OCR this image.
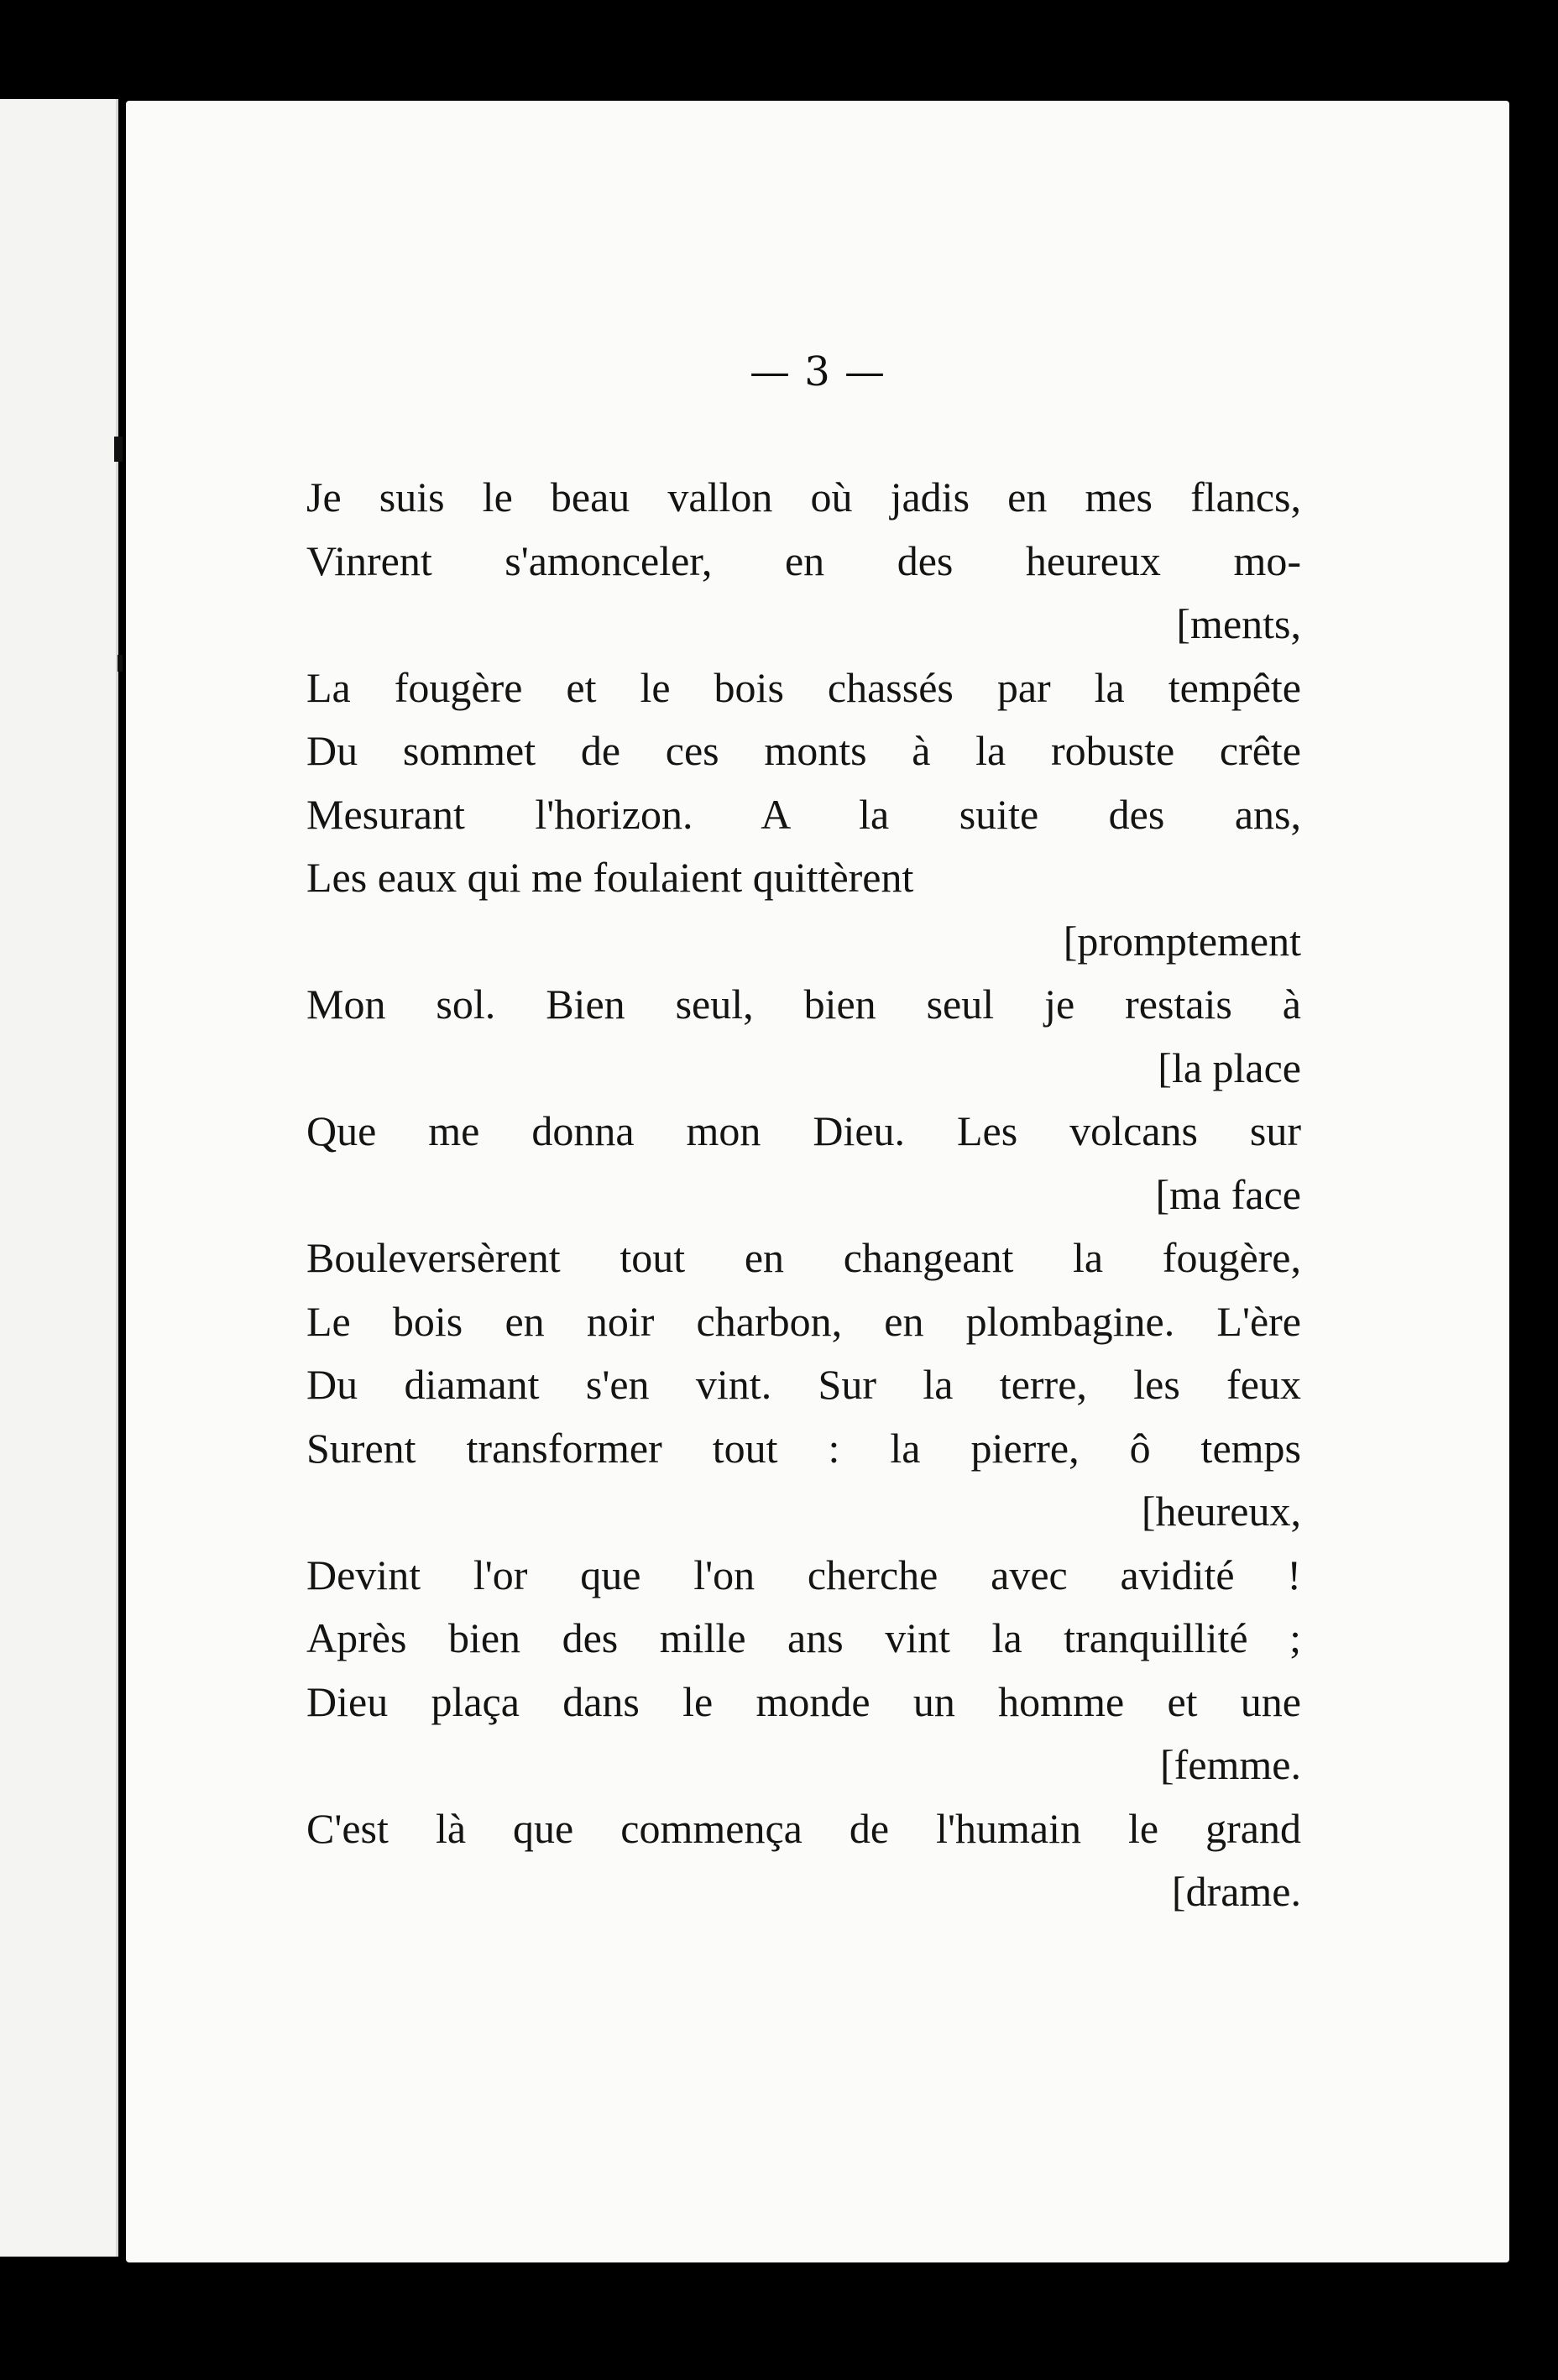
— 3 —
Je suis le beau vallon où jadis en mes flancs,
Vinrent s'amonceler, en des heureux mo-
[ments,
La fougère et le bois chassés par la tempête
Du sommet de ces monts à la robuste crête
Mesurant l'horizon. A la suite des ans,
Les eaux qui me foulaient quittèrent
[promptement
Mon sol. Bien seul, bien seul je restais à
[la place
Que me donna mon Dieu. Les volcans sur
[ma face
Bouleversèrent tout en changeant la fougère,
Le bois en noir charbon, en plombagine. L'ère
Du diamant s'en vint. Sur la terre, les feux
Surent transformer tout : la pierre, ô temps
[heureux,
Devint l'or que l'on cherche avec avidité !
Après bien des mille ans vint la tranquillité ;
Dieu plaça dans le monde un homme et une
[femme.
C'est là que commença de l'humain le grand
[drame.
